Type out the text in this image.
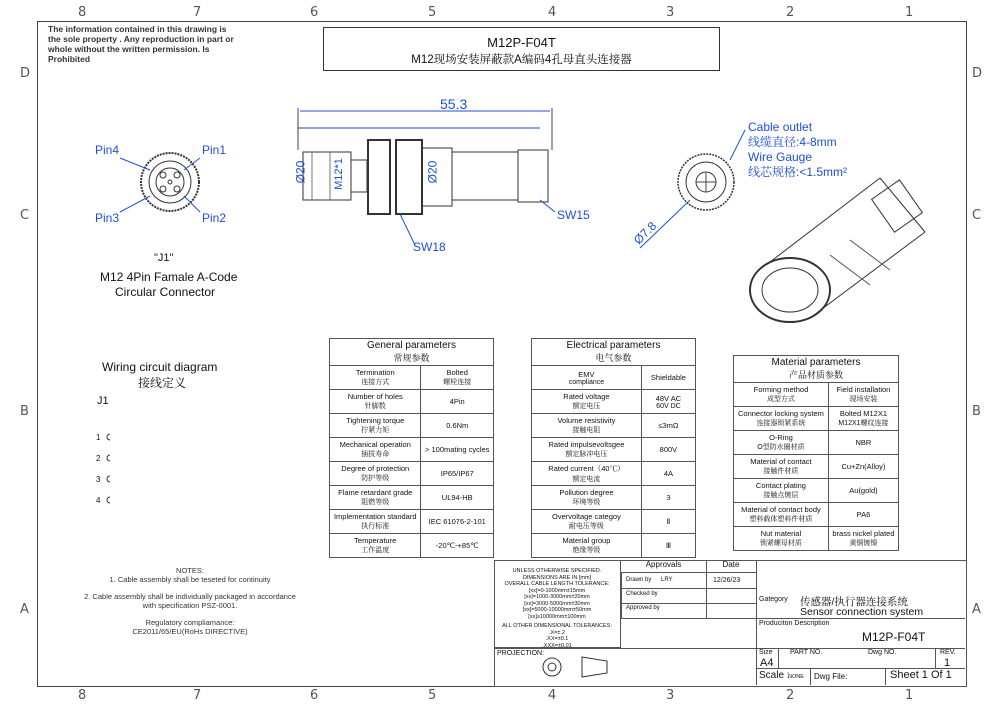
8	7	6	5	4	3	2	1
8	7	6	5	4	3	2	1
D
C
B
A
D
C
B
A
The information contained in this drawing is the sole property . Any reproduction in part or whole without the written permission. Is Prohibited
M12P-F04T
M12现场安装屏蔽款A编码4孔母直头连接器
Pin4	Pin1
Pin3	Pin2
"J1"
M12 4Pin Famale A-Code
Circular Connector
55.3
Ø20 M12*1	Ø20
SW15
SW18	Ø7.8
Cable outlet
线缆直径:4-8mm
Wire Gauge
线芯规格:<1.5mm²
Wiring circuit diagram
接线定义
J1
1
2
3
4
General parameters
常规参数	

Termination
连接方式	Bolted
螺栓连接

Number of holes
针脚数	4Pin
Tightening torque
拧紧力矩	0.6Nm
Mechanical operation
插拔寿命	> 100mating cycles
Degree of protection
防护等级	IP65/IP67
Flame retardant grade
阻燃等级	UL94-HB
Implementation standard
执行标准	IEC 61076-2-101
Temperature
工作温度	-20℃-+85℃
Electrical parameters
电气参数	

EMV
compliance	Shieldable
Rated voltage
额定电压	48V AC
60V DC

Volume resistivity
接触电阻	≤3mΩ
Rated impulsevoltsgee
额定脉冲电压	800V
Rated current（40℃）
额定电流	4A
Pollution degree
环境等级	3
Overvoltage categoy
耐电压等级	Ⅱ
Material group
绝缘等级	Ⅲ
Material parameters
产品材质参数	

Forming method
成型方式	Field installation
现场安装

Connector locking system
连接器锁紧系统	Bolted M12X1
M12X1螺纹连接

O-Ring
O型防水圈材质	NBR
Material of contact
接触件材质	Cu+Zn(Alloy)
Contact plating
接触点镀层	Au(gold)
Material of contact body
塑料载体塑料件材质	PA6
Nut material
锁紧螺母材质	brass nickel plated
黄铜镀镍
NOTES:
1. Cable assembly shall be teseted for continuity
2. Cable assembly shall be individually packaged in accordance with specification PSZ-0001.
Regulatory compliamance:
CE2011/65/EU(RoHs DIRECTIVE)
UNLESS OTHERWISE SPECIFIED.
DIMENSIONS ARE IN [mm]
OVERALL CABLE LENGTH TOLERANCE:
[xx]=0-1000mm±15mm
[xx]=1000-3000mm±20mm
[xx]=3000-5000mm±30mm
[xx]=5000-10000mm±50mm
[xx]≥10000mm±100mm
ALL OTHER DIMENSIONAL TOLERANCES:
.X=±.2
.XX=±0.1
.XXX=±0.01
PROJECTION:
Approvals	Date
Drawn by LRY	12/26/23
Checked by
Approved by
Gategory 传感器/执行器连接系统
Sensor connection system
Produciton Description
M12P-F04T
Size
A4
PART NO.	Dwg NO.	REV.
1
Scale :
NONE Dwg File:	Sheet 1 Of 1
